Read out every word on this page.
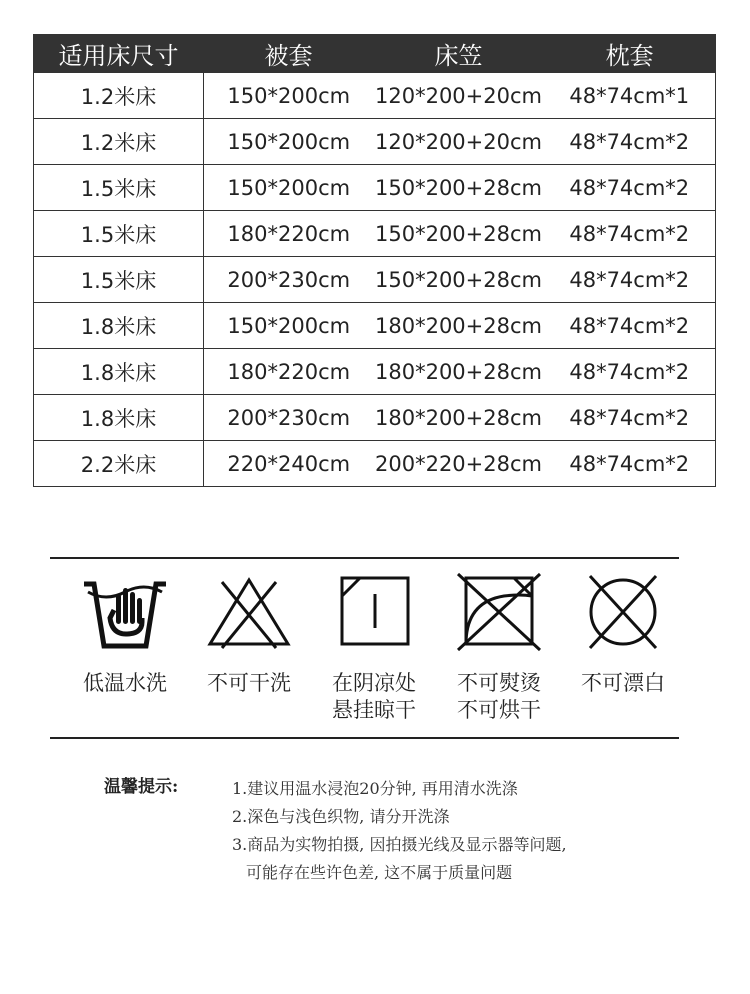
适用床尺寸	被套	床笠	枕套
1.2米床	150*200cm	120*200+20cm	48*74cm*1
1.2米床	150*200cm	120*200+20cm	48*74cm*2
1.5米床	150*200cm	150*200+28cm	48*74cm*2
1.5米床	180*220cm	150*200+28cm	48*74cm*2
1.5米床	200*230cm	150*200+28cm	48*74cm*2
1.8米床	150*200cm	180*200+28cm	48*74cm*2
1.8米床	180*220cm	180*200+28cm	48*74cm*2
1.8米床	200*230cm	180*200+28cm	48*74cm*2
2.2米床	220*240cm	200*220+28cm	48*74cm*2
低温水洗	不可干洗	在阴凉处
悬挂晾干
不可熨烫
不可烘干
不可漂白
温馨提示:	1.建议用温水浸泡20分钟, 再用清水洗涤
2.深色与浅色织物, 请分开洗涤
3.商品为实物拍摄, 因拍摄光线及显示器等问题,
可能存在些许色差, 这不属于质量问题
